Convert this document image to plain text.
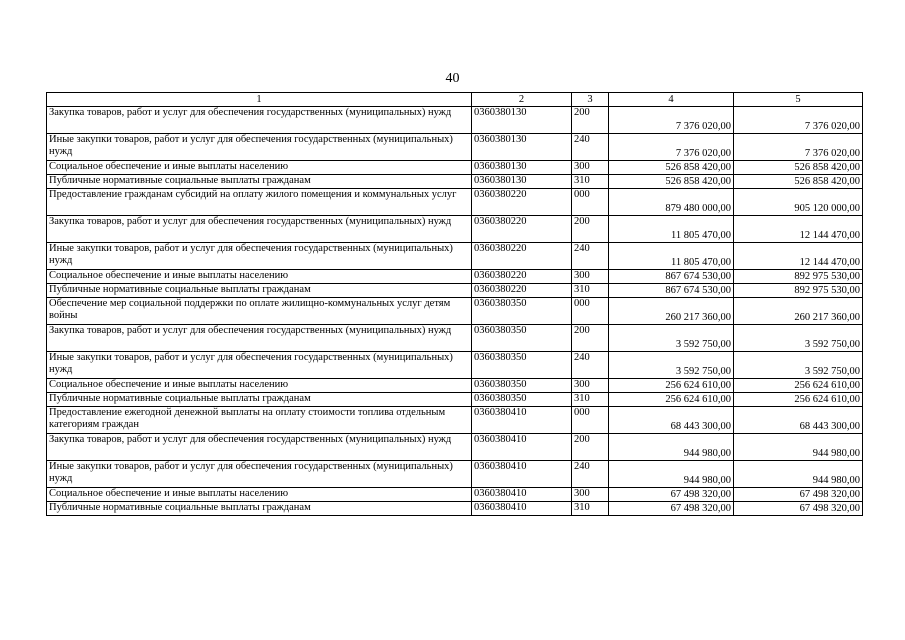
40
1	2	3	4	5
Закупка товаров, работ и услуг для обеспечения государственных (муниципальных) нужд	0360380130	200	7 376 020,00	7 376 020,00
Иные закупки товаров, работ и услуг для обеспечения государственных (муниципальных) нужд	0360380130	240	7 376 020,00	7 376 020,00
Социальное обеспечение и иные выплаты населению	0360380130	300	526 858 420,00	526 858 420,00
Публичные нормативные социальные выплаты гражданам	0360380130	310	526 858 420,00	526 858 420,00
Предоставление гражданам субсидий на оплату жилого помещения и коммунальных услуг	0360380220	000	879 480 000,00	905 120 000,00
Закупка товаров, работ и услуг для обеспечения государственных (муниципальных) нужд	0360380220	200	11 805 470,00	12 144 470,00
Иные закупки товаров, работ и услуг для обеспечения государственных (муниципальных) нужд	0360380220	240	11 805 470,00	12 144 470,00
Социальное обеспечение и иные выплаты населению	0360380220	300	867 674 530,00	892 975 530,00
Публичные нормативные социальные выплаты гражданам	0360380220	310	867 674 530,00	892 975 530,00
Обеспечение мер социальной поддержки по оплате жилищно-коммунальных услуг детям войны	0360380350	000	260 217 360,00	260 217 360,00
Закупка товаров, работ и услуг для обеспечения государственных (муниципальных) нужд	0360380350	200	3 592 750,00	3 592 750,00
Иные закупки товаров, работ и услуг для обеспечения государственных (муниципальных) нужд	0360380350	240	3 592 750,00	3 592 750,00
Социальное обеспечение и иные выплаты населению	0360380350	300	256 624 610,00	256 624 610,00
Публичные нормативные социальные выплаты гражданам	0360380350	310	256 624 610,00	256 624 610,00
Предоставление ежегодной денежной выплаты на оплату стоимости топлива отдельным категориям граждан	0360380410	000	68 443 300,00	68 443 300,00
Закупка товаров, работ и услуг для обеспечения государственных (муниципальных) нужд	0360380410	200	944 980,00	944 980,00
Иные закупки товаров, работ и услуг для обеспечения государственных (муниципальных) нужд	0360380410	240	944 980,00	944 980,00
Социальное обеспечение и иные выплаты населению	0360380410	300	67 498 320,00	67 498 320,00
Публичные нормативные социальные выплаты гражданам	0360380410	310	67 498 320,00	67 498 320,00
